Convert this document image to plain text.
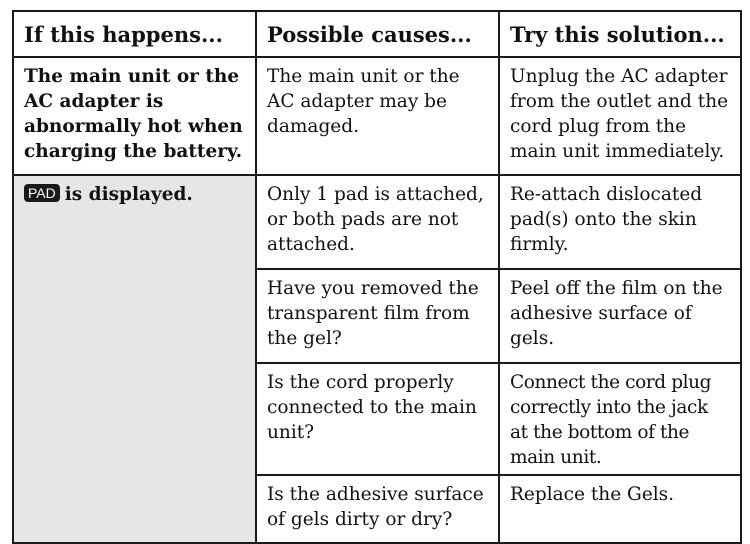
If this happens...	Possible causes...	Try this solution...
The main unit or the AC adapter is abnormally hot when charging the battery.	The main unit or the AC adapter may be damaged.	Unplug the AC adapter from the outlet and the cord plug from the main unit immediately.
PAD is displayed.	Only 1 pad is attached, or both pads are not attached.	Re-attach dislocated pad(s) onto the skin firmly.
	Have you removed the transparent film from the gel?	Peel off the film on the adhesive surface of gels.
	Is the cord properly connected to the main unit?	Connect the cord plug correctly into the jack at the bottom of the main unit.
	Is the adhesive surface of gels dirty or dry?	Replace the Gels.
